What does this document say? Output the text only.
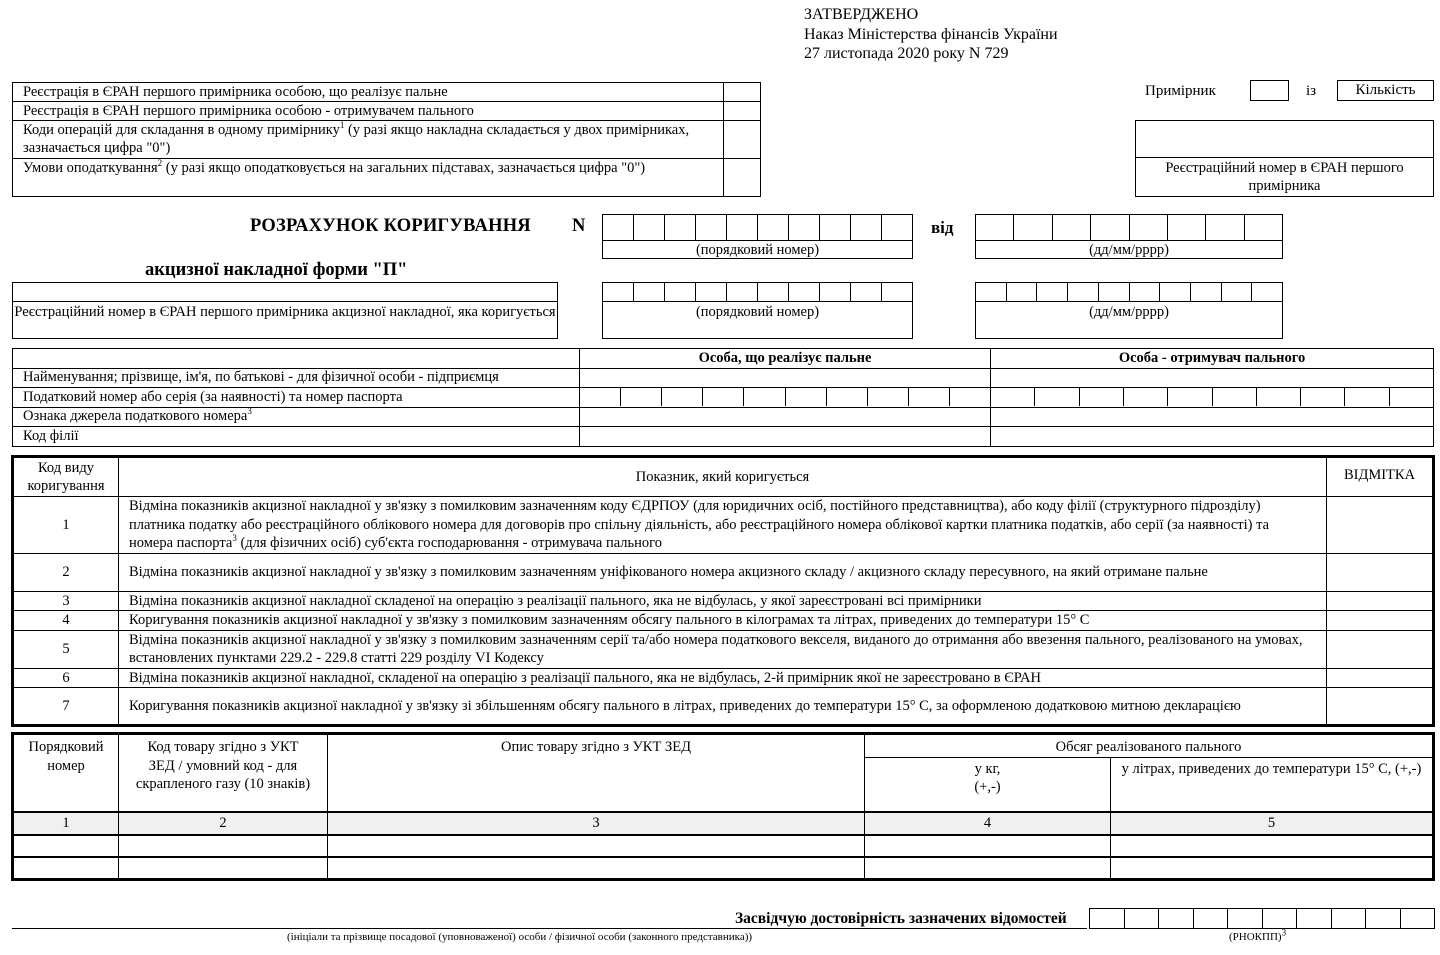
ЗАТВЕРДЖЕНО
Наказ Міністерства фінансів України
27 листопада 2020 року N 729
Реєстрація в ЄРАН першого примірника особою, що реалізує пальне	
Реєстрація в ЄРАН першого примірника особою - отримувачем пального	
Коди операцій для складання в одному примірнику$^1$ (у разі якщо накладна складається у двох примірниках, зазначається цифра "0")	
Умови оподаткування$^2$ (у разі якщо оподатковується на загальних підставах, зазначається цифра "0")	
Примірник	із	Кількість
Реєстраційний номер в ЄРАН першого примірника
РОЗРАХУНОК КОРИГУВАННЯ N
акцизної накладної форми "П"
від
(порядковий номер)	(дд/мм/рррр)
Реєстраційний номер в ЄРАН першого примірника акцизної накладної, яка коригується	(порядковий номер)	(дд/мм/рррр)
	Особа, що реалізує пальне	Особа - отримувач пального
Найменування; прізвище, ім'я, по батькові - для фізичної особи - підприємця		
Податковий номер або серія (за наявності) та номер паспорта	

Ознака джерела податкового номера$^3$		
Код філії		
Код виду коригування	Показник, який коригується	ВІДМІТКА
1	Відміна показників акцизної накладної у зв'язку з помилковим зазначенням коду ЄДРПОУ (для юридичних осіб, постійного представництва), або коду філії (структурного підрозділу) платника податку або реєстраційного облікового номера для договорів про спільну діяльність, або реєстраційного номера облікової картки платника податків, або серії (за наявності) та номера паспорта$^3$ (для фізичних осіб) суб'єкта господарювання - отримувача пального	
2	Відміна показників акцизної накладної у зв'язку з помилковим зазначенням уніфікованого номера акцизного складу / акцизного складу пересувного, на який отримане пальне	
3	Відміна показників акцизної накладної складеної на операцію з реалізації пального, яка не відбулась, у якої зареєстровані всі примірники	
4	Коригування показників акцизної накладної у зв'язку з помилковим зазначенням обсягу пального в кілограмах та літрах, приведених до температури 15° С	
5	Відміна показників акцизної накладної у зв'язку з помилковим зазначенням серії та/або номера податкового векселя, виданого до отримання або ввезення пального, реалізованого на умовах, встановлених пунктами 229.2 - 229.8 статті 229 розділу VI Кодексу	
6	Відміна показників акцизної накладної, складеної на операцію з реалізації пального, яка не відбулась, 2-й примірник якої не зареєстровано в ЄРАН	
7	Коригування показників акцизної накладної у зв'язку зі збільшенням обсягу пального в літрах, приведених до температури 15° С, за оформленою додатковою митною декларацією	
Порядковий номер	Код товару згідно з УКТ ЗЕД / умовний код - для скрапленого газу (10 знаків)	Опис товару згідно з УКТ ЗЕД	Обсяг реалізованого пального	
			у кг, (+,-)	у літрах, приведених до температури 15° С, (+,-)
1	2	3	4	5

Засвідчую достовірність зазначених відомостей
(ініціали та прізвище посадової (уповноваженої) особи / фізичної особи (законного представника))	(РНОКПП)$^3$
